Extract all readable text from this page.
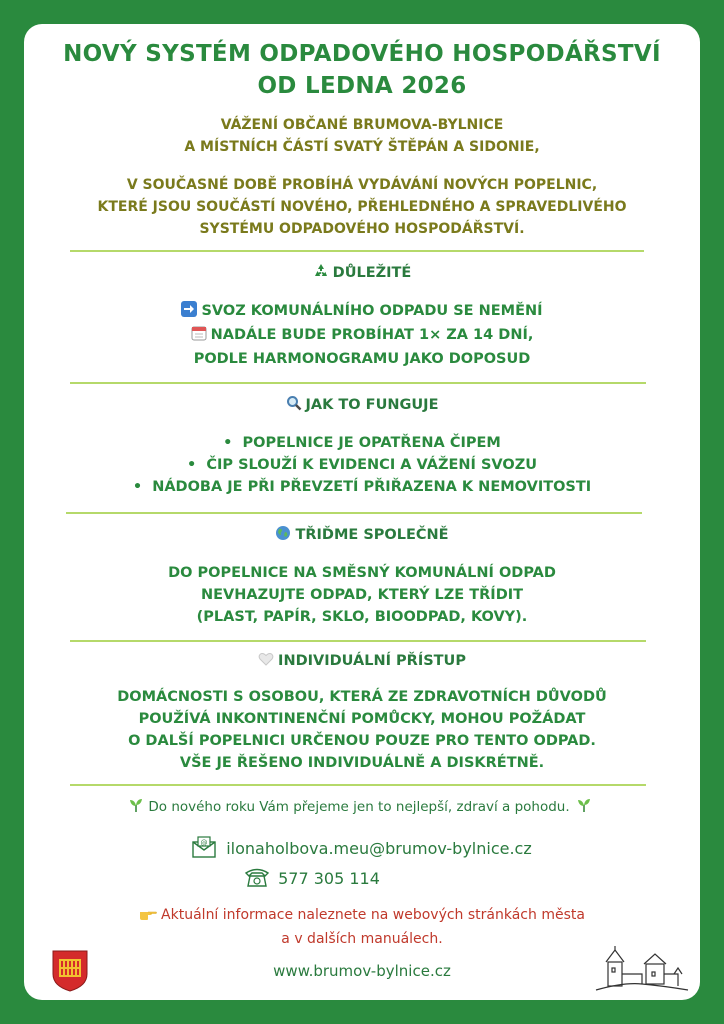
NOVÝ SYSTÉM ODPADOVÉHO HOSPODÁŘSTVÍ
OD LEDNA 2026
VÁŽENÍ OBČANÉ BRUMOVA-BYLNICE
A MÍSTNÍCH ČÁSTÍ SVATÝ ŠTĚPÁN A SIDONIE,
V SOUČASNÉ DOBĚ PROBÍHÁ VYDÁVÁNÍ NOVÝCH POPELNIC,
KTERÉ JSOU SOUČÁSTÍ NOVÉHO, PŘEHLEDNÉHO A SPRAVEDLIVÉHO
SYSTÉMU ODPADOVÉHO HOSPODÁŘSTVÍ.
DŮLEŽITÉ
SVOZ KOMUNÁLNÍHO ODPADU SE NEMĚNÍ
NADÁLE BUDE PROBÍHAT 1× ZA 14 DNÍ,
PODLE HARMONOGRAMU JAKO DOPOSUD
JAK TO FUNGUJE
•  POPELNICE JE OPATŘENA ČIPEM
•  ČIP SLOUŽÍ K EVIDENCI A VÁŽENÍ SVOZU
•  NÁDOBA JE PŘI PŘEVZETÍ PŘIŘAZENA K NEMOVITOSTI
TŘIĎME SPOLEČNĚ
DO POPELNICE NA SMĚSNÝ KOMUNÁLNÍ ODPAD
NEVHAZUJTE ODPAD, KTERÝ LZE TŘÍDIT
(PLAST, PAPÍR, SKLO, BIOODPAD, KOVY).
INDIVIDUÁLNÍ PŘÍSTUP
DOMÁCNOSTI S OSOBOU, KTERÁ ZE ZDRAVOTNÍCH DŮVODŮ
POUŽÍVÁ INKONTINENČNÍ POMŮCKY, MOHOU POŽÁDAT
O DALŠÍ POPELNICI URČENOU POUZE PRO TENTO ODPAD.
VŠE JE ŘEŠENO INDIVIDUÁLNĚ A DISKRÉTNĚ.
Do nového roku Vám přejeme jen to nejlepší, zdraví a pohodu.
@ ilonaholbova.meu@brumov-bylnice.cz
577 305 114
Aktuální informace naleznete na webových stránkách města
a v dalších manuálech.
www.brumov-bylnice.cz
